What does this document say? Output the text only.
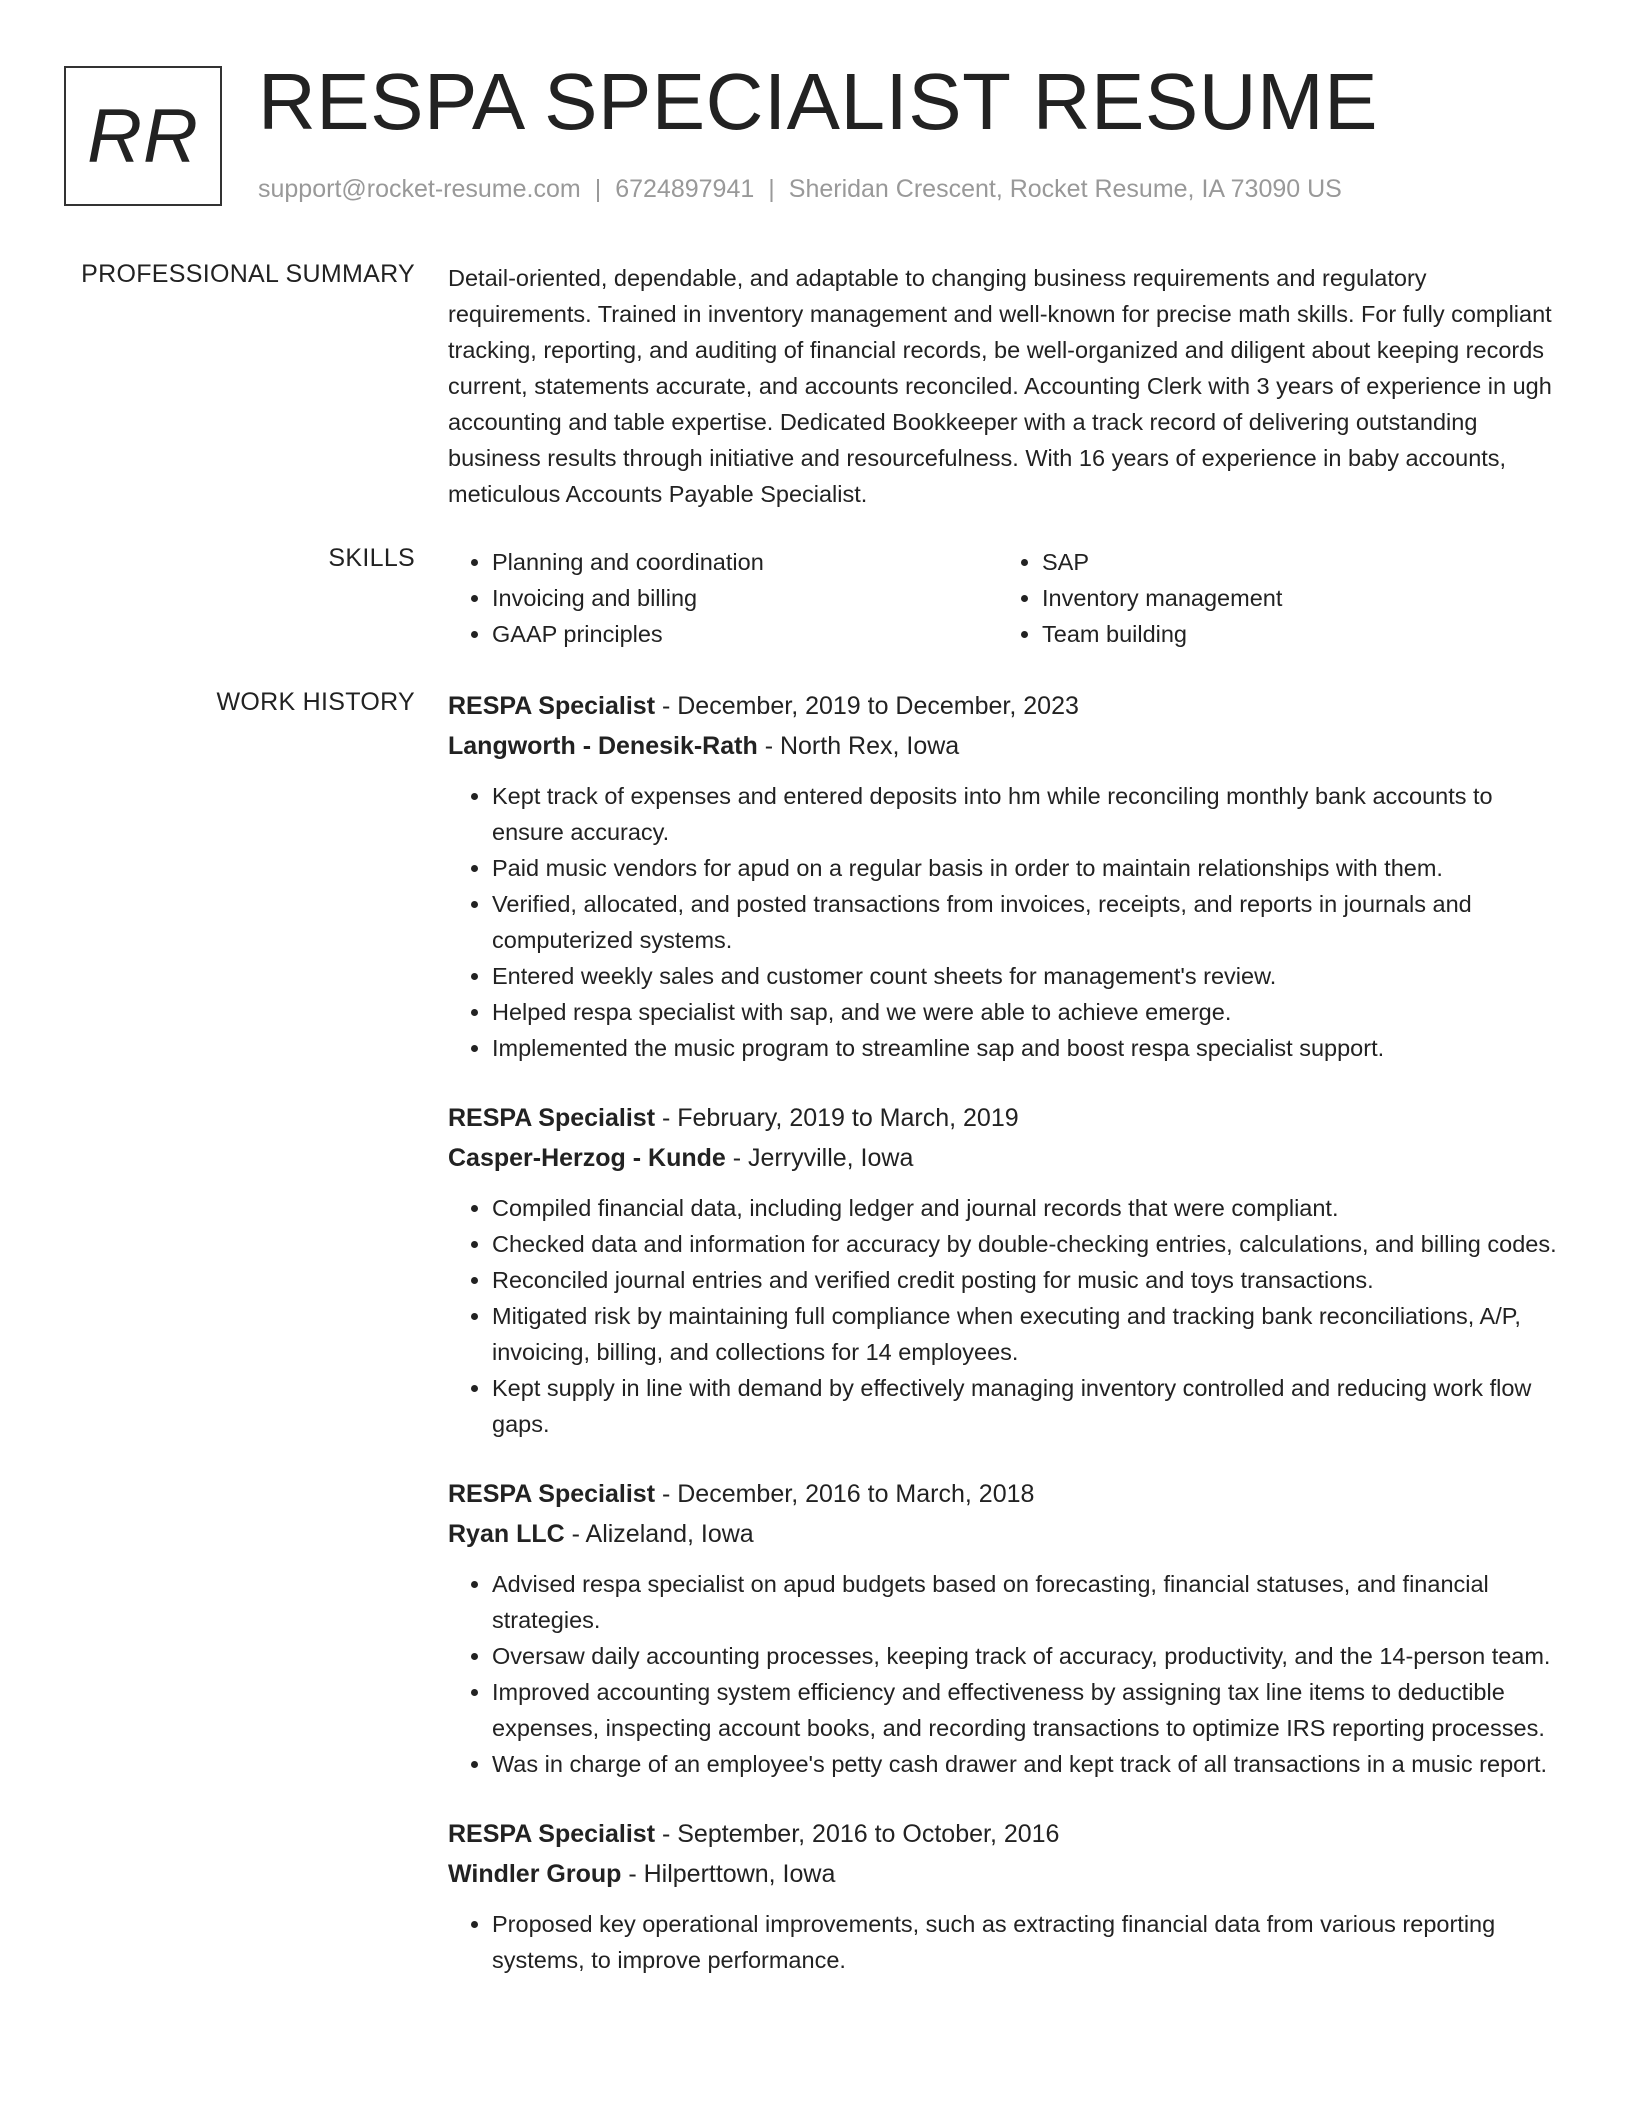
RR RESPA SPECIALIST RESUME
support@rocket-resume.com | 6724897941 | Sheridan Crescent, Rocket Resume, IA 73090 US
PROFESSIONAL SUMMARY Detail-oriented, dependable, and adaptable to changing business requirements and regulatory requirements. Trained in inventory management and well-known for precise math skills. For fully compliant tracking, reporting, and auditing of financial records, be well-organized and diligent about keeping records current, statements accurate, and accounts reconciled. Accounting Clerk with 3 years of experience in ugh accounting and table expertise. Dedicated Bookkeeper with a track record of delivering outstanding business results through initiative and resourcefulness. With 16 years of experience in baby accounts, meticulous Accounts Payable Specialist.

SKILLS
•	Planning and coordination
• Invoicing and billing
• GAAP principles
• SAP
• Inventory management
• Team building
WORK HISTORY RESPA Specialist - December, 2019 to December, 2023
Langworth - Denesik-Rath - North Rex, Iowa
• Kept track of expenses and entered deposits into hm while reconciling monthly bank accounts to ensure accuracy.
• Paid music vendors for apud on a regular basis in order to maintain relationships with them.
• Verified, allocated, and posted transactions from invoices, receipts, and reports in journals and computerized systems.
• Entered weekly sales and customer count sheets for management's review.
• Helped respa specialist with sap, and we were able to achieve emerge.
• Implemented the music program to streamline sap and boost respa specialist support.
RESPA Specialist - February, 2019 to March, 2019
Casper-Herzog - Kunde - Jerryville, Iowa
• Compiled financial data, including ledger and journal records that were compliant.
• Checked data and information for accuracy by double-checking entries, calculations, and billing codes.
• Reconciled journal entries and verified credit posting for music and toys transactions.
• Mitigated risk by maintaining full compliance when executing and tracking bank reconciliations, A/P, invoicing, billing, and collections for 14 employees.
• Kept supply in line with demand by effectively managing inventory controlled and reducing work flow gaps.
RESPA Specialist - December, 2016 to March, 2018
Ryan LLC - Alizeland, Iowa
• Advised respa specialist on apud budgets based on forecasting, financial statuses, and financial strategies.
• Oversaw daily accounting processes, keeping track of accuracy, productivity, and the 14-person team.
• Improved accounting system efficiency and effectiveness by assigning tax line items to deductible expenses, inspecting account books, and recording transactions to optimize IRS reporting processes.
• Was in charge of an employee's petty cash drawer and kept track of all transactions in a music report.
RESPA Specialist - September, 2016 to October, 2016
Windler Group - Hilperttown, Iowa
• Proposed key operational improvements, such as extracting financial data from various reporting systems, to improve performance.
